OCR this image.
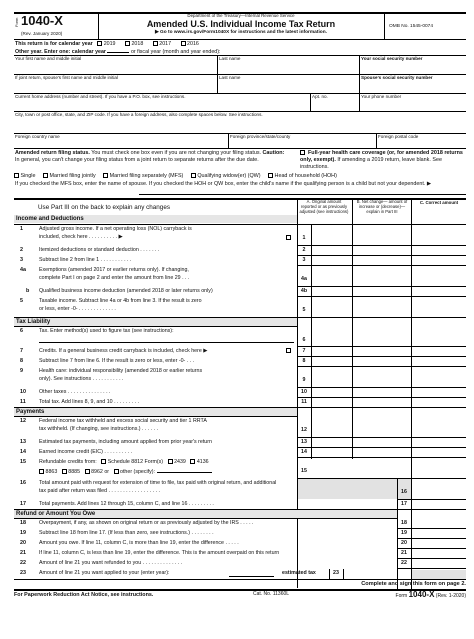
Form 1040-X
(Rev. January 2020)
Department of the Treasury—Internal Revenue Service
Amended U.S. Individual Income Tax Return
▶ Go to www.irs.gov/Form1040X for instructions and the latest information.
OMB No. 1545-0074
This return is for calendar year 2019	2018	2017	2016
Other year. Enter one: calendar year	or fiscal year (month and year ended):
Your first name and middle initial	Last name	Your social security number
If joint return, spouse's first name and middle initial	Last name	Spouse's social security number
Current home address (number and street). If you have a P.O. box, see instructions.	Apt. no.	Your phone number
City, town or post office, state, and ZIP code. If you have a foreign address, also complete spaces below. See instructions.
Foreign country name	Foreign province/state/county	Foreign postal code
Amended return filing status. You must check one box even if you are not changing your filing status. Caution: In general, you can't change your filing status from a joint return to separate returns after the due date.
Full-year health care coverage (or, for amended 2018 returns only, exempt). If amending a 2019 return, leave blank. See instructions.
Single	Married filing jointly	Married filing separately (MFS)	Qualifying widow(er) (QW)	Head of household (HOH)
If you checked the MFS box, enter the name of spouse. If you checked the HOH or QW box, enter the child's name if the qualifying person is a child but not your dependent. ▶
Use Part III on the back to explain any changes
A. Original amount reported or as previously adjusted (see instructions)
B. Net change— amount of increase or (decrease)— explain in Part III
C. Correct amount
Income and Deductions
1	Adjusted gross income. If a net operating loss (NOL) carryback is
included, check here . . . . . . . . . . ▶	1
2	Itemized deductions or standard deduction . . . . . . .	2
3	Subtract line 2 from line 1 . . . . . . . . . . .	3
4a Exemptions (amended 2017 or earlier returns only). If changing,
complete Part I on page 2 and enter the amount from line 29 . . .	4a
b Qualified business income deduction (amended 2018 or later returns only)	4b
5	Taxable income. Subtract line 4a or 4b from line 3. If the result is zero
or less, enter -0- . . . . . . . . . . . . .	5
Tax Liability
6	Tax. Enter method(s) used to figure tax (see instructions):
6
7	Credits. If a general business credit carryback is included, check here ▶	7
8	Subtract line 7 from line 6. If the result is zero or less, enter -0- . . .	8
9	Health care: individual responsibility (amended 2018 or earlier returns
only). See instructions . . . . . . . . . . .	9
10 Other taxes . . . . . . . . . . . . . . .	10
11	Total tax. Add lines 8, 9, and 10 . . . . . . . . .	11
Payments
12 Federal income tax withheld and excess social security and tier 1 RRTA
tax withheld. (If changing, see instructions.) . . . . . .	12
13 Estimated tax payments, including amount applied from prior year's return	13
14 Earned income credit (EIC) . . . . . . . . . .	14
15 Refundable credits from: Schedule 8812 Form(s) 2439 4136
8863 8885 8962 or other (specify):	15
16 Total amount paid with request for extension of time to file, tax paid with original return, and additional
tax paid after return was filed . . . . . . . . . . . . . . . . . .	16
17 Total payments. Add lines 12 through 15, column C, and line 16 . . . . . . . . .	17
Refund or Amount You Owe
18 Overpayment, if any, as shown on original return or as previously adjusted by the IRS . . . . .	18
19 Subtract line 18 from line 17. (If less than zero, see instructions.) . . . . . . . .	19
20 Amount you owe. If line 11, column C, is more than line 19, enter the difference . . . . .	20
21 If line 11, column C, is less than line 19, enter the difference. This is the amount overpaid on this return	21
22 Amount of line 21 you want refunded to you . . . . . . . . . . . . . .	22
23 Amount of line 21 you want applied to your (enter year):	estimated tax	23
Complete and sign this form on page 2.
For Paperwork Reduction Act Notice, see instructions.	Cat. No. 11360L	Form 1040-X (Rev. 1-2020)
